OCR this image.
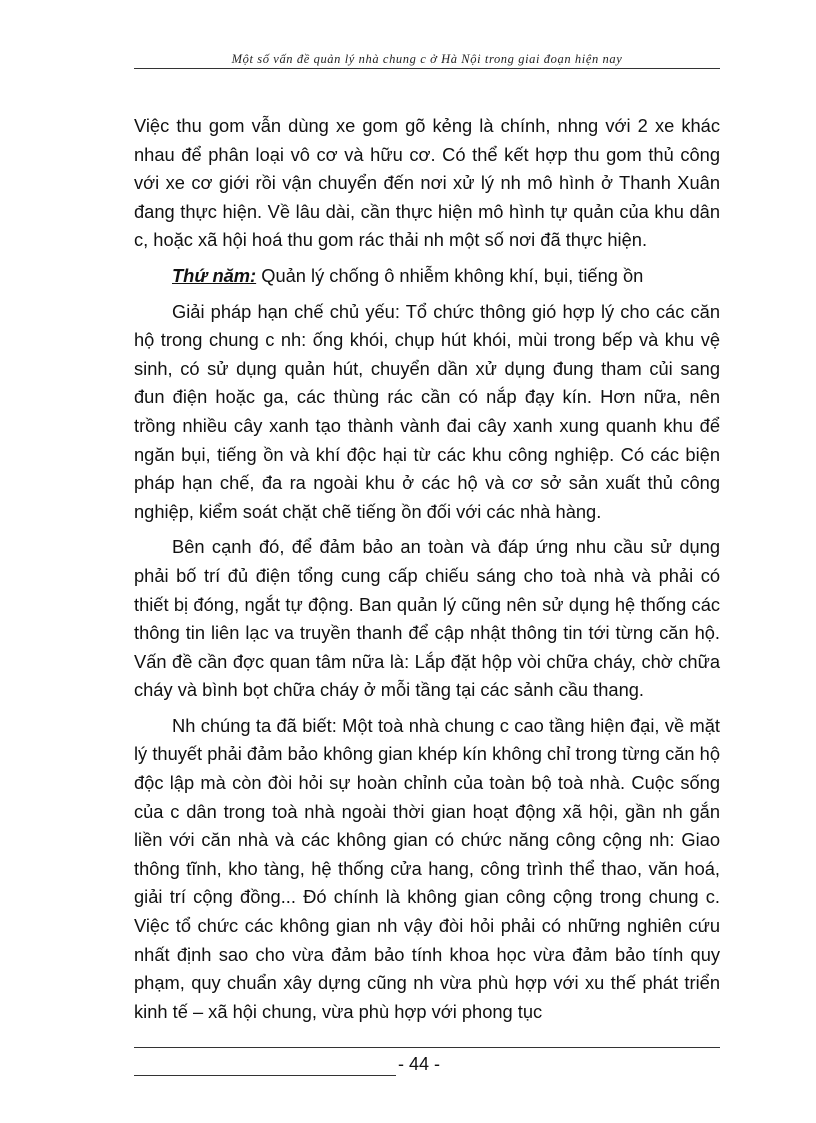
Một số vấn đề quản lý nhà chung c ở Hà Nội trong giai đoạn hiện nay

Việc thu gom vẫn dùng xe gom gõ kẻng là chính, nhng với 2 xe khác nhau để phân loại vô cơ và hữu cơ. Có thể kết hợp thu gom thủ công với xe cơ giới rồi vận chuyển đến nơi xử lý nh mô hình ở Thanh Xuân đang thực hiện. Về lâu dài, cần thực hiện mô hình tự quản của khu dân c, hoặc xã hội hoá thu gom rác thải nh một số nơi đã thực hiện.

Thứ năm: Quản lý chống ô nhiễm không khí, bụi, tiếng ồn

Giải pháp hạn chế chủ yếu: Tổ chức thông gió hợp lý cho các căn hộ trong chung c nh: ống khói, chụp hút khói, mùi trong bếp và khu vệ sinh, có sử dụng quản hút, chuyển dần xử dụng đung tham củi sang đun điện hoặc ga, các thùng rác cần có nắp đạy kín. Hơn nữa, nên trồng nhiều cây xanh tạo thành vành đai cây xanh xung quanh khu để ngăn bụi, tiếng ồn và khí độc hại từ các khu công nghiệp. Có các biện pháp hạn chế, đa ra ngoài khu ở các hộ và cơ sở sản xuất thủ công nghiệp, kiểm soát chặt chẽ tiếng ồn đối với các nhà hàng.

Bên cạnh đó, để đảm bảo an toàn và đáp ứng nhu cầu sử dụng phải bố trí đủ điện tổng cung cấp chiếu sáng cho toà nhà và phải có thiết bị đóng, ngắt tự động. Ban quản lý cũng nên sử dụng hệ thống các thông tin liên lạc va truyền thanh để cập nhật thông tin tới từng căn hộ. Vấn đề cần đợc quan tâm nữa là: Lắp đặt hộp vòi chữa cháy, chờ chữa cháy và bình bọt chữa cháy ở mỗi tầng tại các sảnh cầu thang.

Nh chúng ta đã biết: Một toà nhà chung c cao tầng hiện đại, về mặt lý thuyết phải đảm bảo không gian khép kín không chỉ trong từng căn hộ độc lập mà còn đòi hỏi sự hoàn chỉnh của toàn bộ toà nhà. Cuộc sống của c dân trong toà nhà ngoài thời gian hoạt động xã hội, gần nh gắn liền với căn nhà và các không gian có chức năng công cộng nh: Giao thông tĩnh, kho tàng, hệ thống cửa hang, công trình thể thao, văn hoá, giải trí cộng đồng... Đó chính là không gian công cộng trong chung c. Việc tổ chức các không gian nh vậy đòi hỏi phải có những nghiên cứu nhất định sao cho vừa đảm bảo tính khoa học vừa đảm bảo tính quy phạm, quy chuẩn xây dựng cũng nh vừa phù hợp với xu thế phát triển kinh tế – xã hội chung, vừa phù hợp với phong tục

- 44 -
